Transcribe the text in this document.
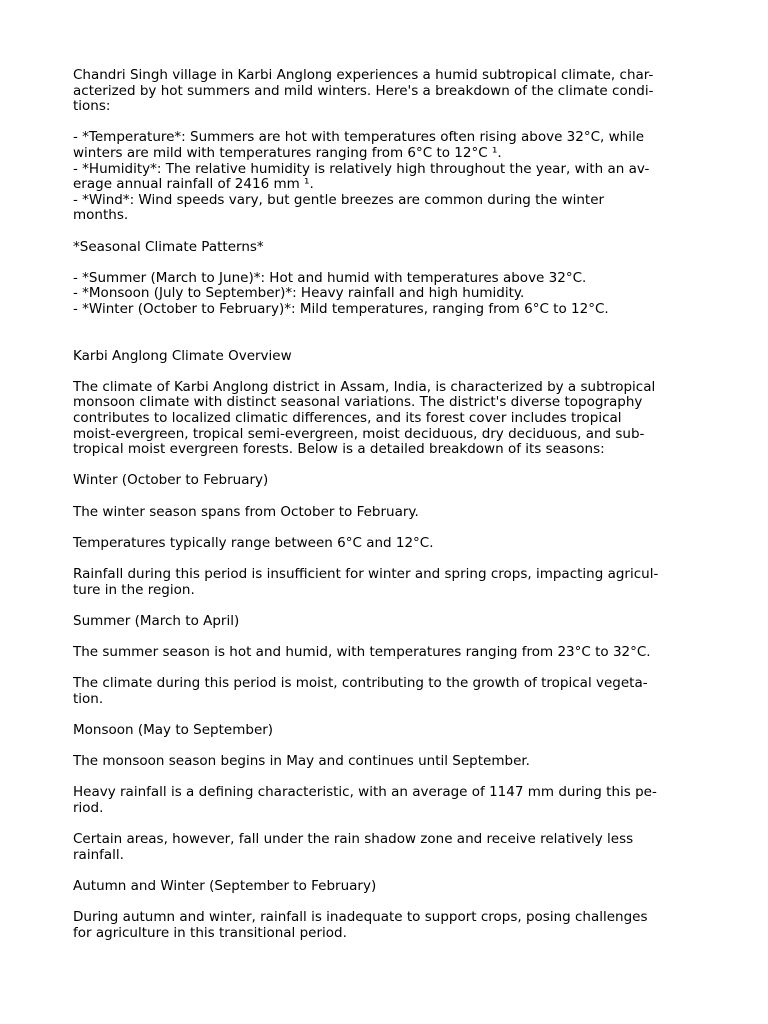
Chandri Singh village in Karbi Anglong experiences a humid subtropical climate, char-
acterized by hot summers and mild winters. Here's a breakdown of the climate condi-
tions:
- *Temperature*: Summers are hot with temperatures often rising above 32°C, while
winters are mild with temperatures ranging from 6°C to 12°C ¹.
- *Humidity*: The relative humidity is relatively high throughout the year, with an av-
erage annual rainfall of 2416 mm ¹.
- *Wind*: Wind speeds vary, but gentle breezes are common during the winter
months.
*Seasonal Climate Patterns*
- *Summer (March to June)*: Hot and humid with temperatures above 32°C.
- *Monsoon (July to September)*: Heavy rainfall and high humidity.
- *Winter (October to February)*: Mild temperatures, ranging from 6°C to 12°C.
Karbi Anglong Climate Overview
The climate of Karbi Anglong district in Assam, India, is characterized by a subtropical
monsoon climate with distinct seasonal variations. The district's diverse topography
contributes to localized climatic differences, and its forest cover includes tropical
moist-evergreen, tropical semi-evergreen, moist deciduous, dry deciduous, and sub-
tropical moist evergreen forests. Below is a detailed breakdown of its seasons:
Winter (October to February)
The winter season spans from October to February.
Temperatures typically range between 6°C and 12°C.
Rainfall during this period is insufficient for winter and spring crops, impacting agricul-
ture in the region.
Summer (March to April)
The summer season is hot and humid, with temperatures ranging from 23°C to 32°C.
The climate during this period is moist, contributing to the growth of tropical vegeta-
tion.
Monsoon (May to September)
The monsoon season begins in May and continues until September.
Heavy rainfall is a defining characteristic, with an average of 1147 mm during this pe-
riod.
Certain areas, however, fall under the rain shadow zone and receive relatively less
rainfall.
Autumn and Winter (September to February)
During autumn and winter, rainfall is inadequate to support crops, posing challenges
for agriculture in this transitional period.
